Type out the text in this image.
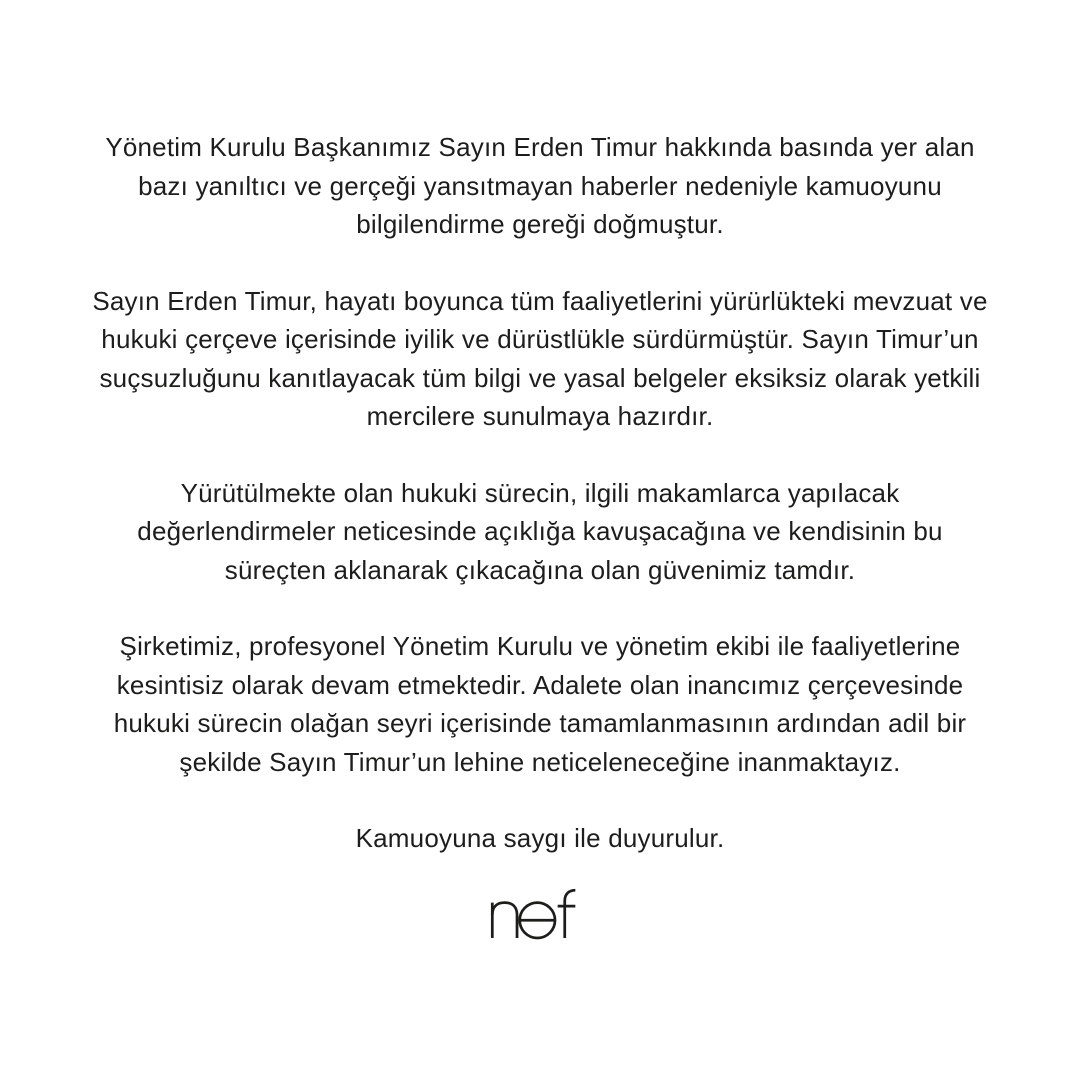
Yönetim Kurulu Başkanımız Sayın Erden Timur hakkında basında yer alan bazı yanıltıcı ve gerçeği yansıtmayan haberler nedeniyle kamuoyunu bilgilendirme gereği doğmuştur.

Sayın Erden Timur, hayatı boyunca tüm faaliyetlerini yürürlükteki mevzuat ve hukuki çerçeve içerisinde iyilik ve dürüstlükle sürdürmüştür. Sayın Timur’un suçsuzluğunu kanıtlayacak tüm bilgi ve yasal belgeler eksiksiz olarak yetkili mercilere sunulmaya hazırdır.

Yürütülmekte olan hukuki sürecin, ilgili makamlarca yapılacak değerlendirmeler neticesinde açıklığa kavuşacağına ve kendisinin bu süreçten aklanarak çıkacağına olan güvenimiz tamdır.

Şirketimiz, profesyonel Yönetim Kurulu ve yönetim ekibi ile faaliyetlerine kesintisiz olarak devam etmektedir. Adalete olan inancımız çerçevesinde hukuki sürecin olağan seyri içerisinde tamamlanmasının ardından adil bir şekilde Sayın Timur’un lehine neticeleneceğine inanmaktayız.

Kamuoyuna saygı ile duyurulur.
